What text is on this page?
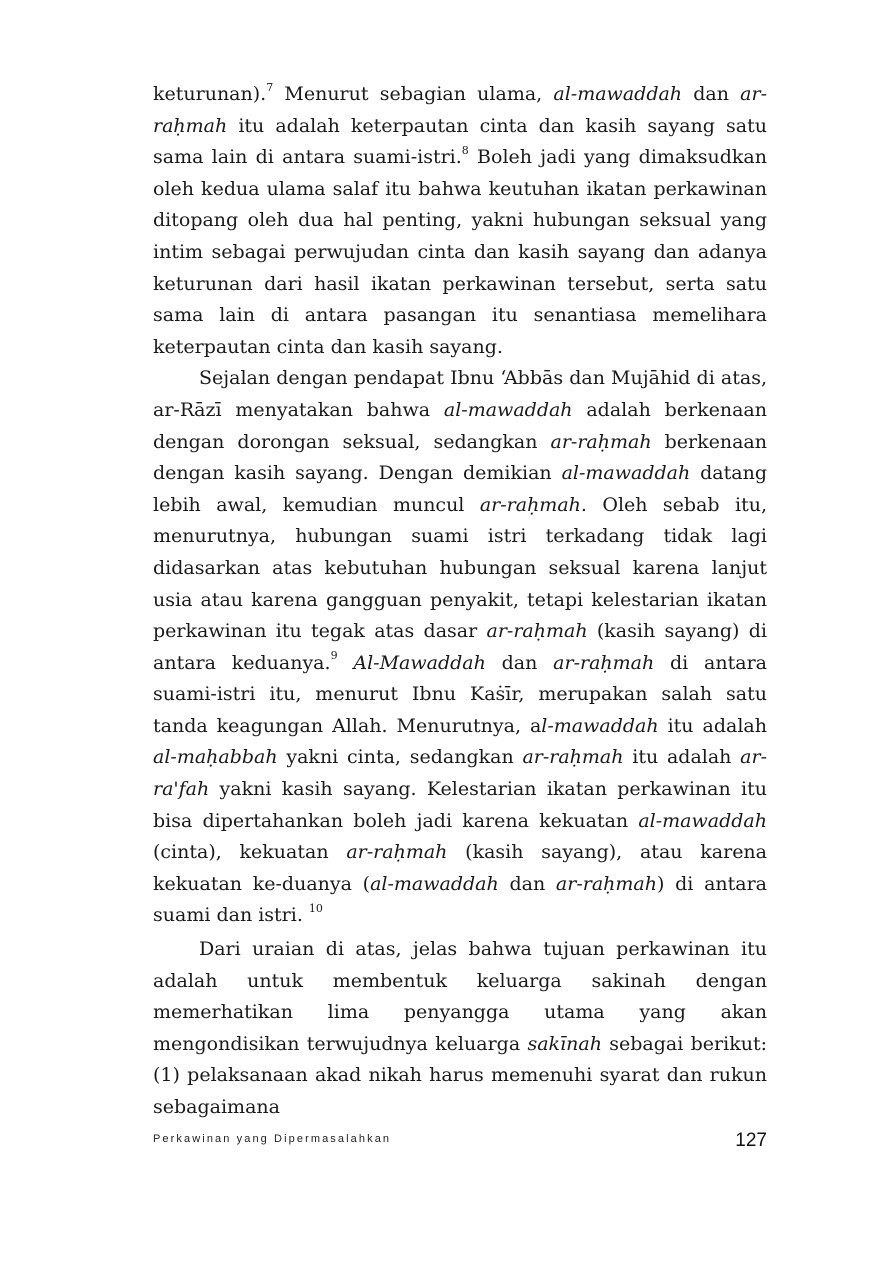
keturunan).$^7$ Menurut sebagian ulama, al-mawaddah dan ar-raḥmah itu adalah keterpautan cinta dan kasih sayang satu sama lain di antara suami-istri.$^8$ Boleh jadi yang dimaksudkan oleh kedua ulama salaf itu bahwa keutuhan ikatan perkawinan ditopang oleh dua hal penting, yakni hubungan seksual yang intim sebagai perwujudan cinta dan kasih sayang dan adanya keturunan dari hasil ikatan perkawinan tersebut, serta satu sama lain di antara pasangan itu senantiasa memelihara keterpautan cinta dan kasih sayang.

Sejalan dengan pendapat Ibnu ‘Abbās dan Mujāhid di atas, ar-Rāzī menyatakan bahwa al-mawaddah adalah berkenaan dengan dorongan seksual, sedangkan ar-raḥmah berkenaan dengan kasih sayang. Dengan demikian al-mawaddah datang lebih awal, kemudian muncul ar-raḥmah. Oleh sebab itu, menurutnya, hubungan suami istri terkadang tidak lagi didasarkan atas kebutuhan hubungan seksual karena lanjut usia atau karena gangguan penyakit, tetapi kelestarian ikatan perkawinan itu tegak atas dasar ar-raḥmah (kasih sayang) di antara keduanya.$^9$ Al-Mawaddah dan ar-raḥmah di antara suami-istri itu, menurut Ibnu Kaṡīr, merupakan salah satu tanda keagungan Allah. Menurutnya, al-mawaddah itu adalah al-maḥabbah yakni cinta, sedangkan ar-raḥmah itu adalah ar-ra'fah yakni kasih sayang. Kelestarian ikatan perkawinan itu bisa dipertahankan boleh jadi karena kekuatan al-mawaddah (cinta), kekuatan ar-raḥmah (kasih sayang), atau karena kekuatan ke-duanya (al-mawaddah dan ar-raḥmah) di antara suami dan istri. $^{10}$

Dari uraian di atas, jelas bahwa tujuan perkawinan itu adalah untuk membentuk keluarga sakinah dengan memerhatikan lima penyangga utama yang akan mengondisikan terwujudnya keluarga sakīnah sebagai berikut: (1) pelaksanaan akad nikah harus memenuhi syarat dan rukun sebagaimana

Perkawinan yang Dipermasalahkan	127
